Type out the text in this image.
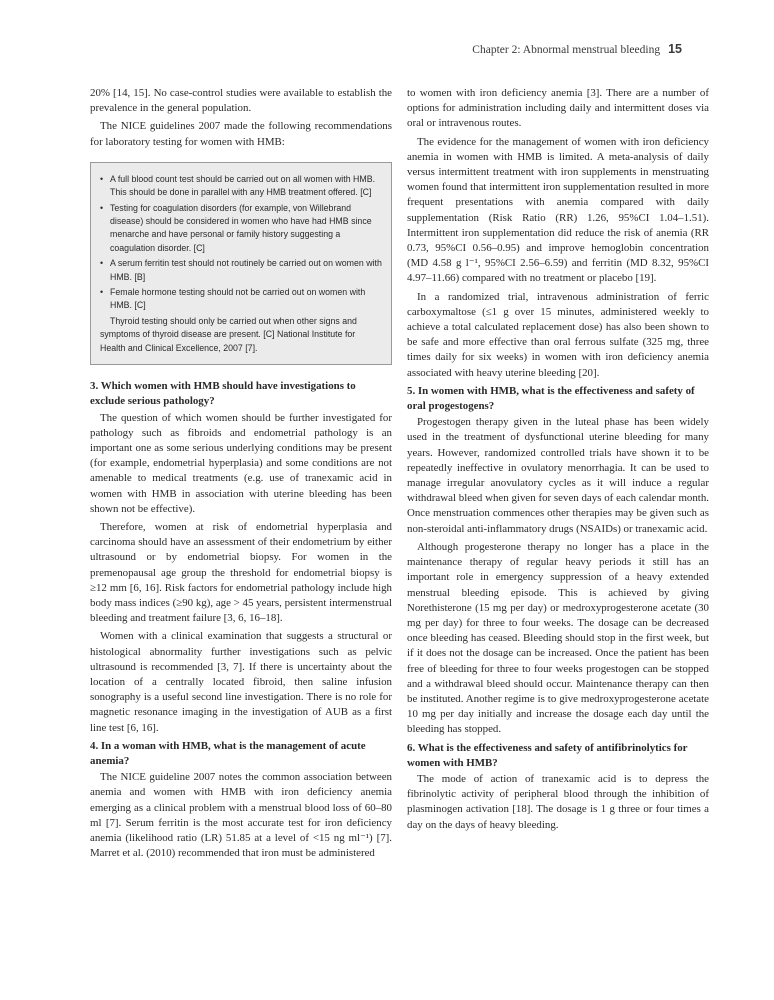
Chapter 2: Abnormal menstrual bleeding 15

20% [14, 15]. No case-control studies were available to establish the prevalence in the general population.

The NICE guidelines 2007 made the following recommendations for laboratory testing for women with HMB:

• A full blood count test should be carried out on all women with HMB. This should be done in parallel with any HMB treatment offered. [C]
• Testing for coagulation disorders (for example, von Willebrand disease) should be considered in women who have had HMB since menarche and have personal or family history suggesting a coagulation disorder. [C]
• A serum ferritin test should not routinely be carried out on women with HMB. [B]
• Female hormone testing should not be carried out on women with HMB. [C]

Thyroid testing should only be carried out when other signs and symptoms of thyroid disease are present. [C] National Institute for Health and Clinical Excellence, 2007 [7].

3. Which women with HMB should have investigations to exclude serious pathology?

The question of which women should be further investigated for pathology such as fibroids and endometrial pathology is an important one as some serious underlying conditions may be present (for example, endometrial hyperplasia) and some conditions are not amenable to medical treatments (e.g. use of tranexamic acid in women with HMB in association with uterine bleeding has been shown not be effective).

Therefore, women at risk of endometrial hyperplasia and carcinoma should have an assessment of their endometrium by either ultrasound or by endometrial biopsy. For women in the premenopausal age group the threshold for endometrial biopsy is ≥12 mm [6, 16]. Risk factors for endometrial pathology include high body mass indices (≥90 kg), age > 45 years, persistent intermenstrual bleeding and treatment failure [3, 6, 16–18].

Women with a clinical examination that suggests a structural or histological abnormality further investigations such as pelvic ultrasound is recommended [3, 7]. If there is uncertainty about the location of a centrally located fibroid, then saline infusion sonography is a useful second line investigation. There is no role for magnetic resonance imaging in the investigation of AUB as a first line test [6, 16].

4. In a woman with HMB, what is the management of acute anemia?

The NICE guideline 2007 notes the common association between anemia and women with HMB with iron deficiency anemia emerging as a clinical problem with a menstrual blood loss of 60–80 ml [7]. Serum ferritin is the most accurate test for iron deficiency anemia (likelihood ratio (LR) 51.85 at a level of <15 ng ml⁻¹) [7]. Marret et al. (2010) recommended that iron must be administered

to women with iron deficiency anemia [3]. There are a number of options for administration including daily and intermittent doses via oral or intravenous routes.

The evidence for the management of women with iron deficiency anemia in women with HMB is limited. A meta-analysis of daily versus intermittent treatment with iron supplements in menstruating women found that intermittent iron supplementation resulted in more frequent presentations with anemia compared with daily supplementation (Risk Ratio (RR) 1.26, 95%CI 1.04–1.51). Intermittent iron supplementation did reduce the risk of anemia (RR 0.73, 95%CI 0.56–0.95) and improve hemoglobin concentration (MD 4.58 g l⁻¹, 95%CI 2.56–6.59) and ferritin (MD 8.32, 95%CI 4.97–11.66) compared with no treatment or placebo [19].

In a randomized trial, intravenous administration of ferric carboxymaltose (≤1 g over 15 minutes, administered weekly to achieve a total calculated replacement dose) has also been shown to be safe and more effective than oral ferrous sulfate (325 mg, three times daily for six weeks) in women with iron deficiency anemia associated with heavy uterine bleeding [20].

5. In women with HMB, what is the effectiveness and safety of oral progestogens?

Progestogen therapy given in the luteal phase has been widely used in the treatment of dysfunctional uterine bleeding for many years. However, randomized controlled trials have shown it to be repeatedly ineffective in ovulatory menorrhagia. It can be used to manage irregular anovulatory cycles as it will induce a regular withdrawal bleed when given for seven days of each calendar month. Once menstruation commences other therapies may be given such as non-steroidal anti-inflammatory drugs (NSAIDs) or tranexamic acid.

Although progesterone therapy no longer has a place in the maintenance therapy of regular heavy periods it still has an important role in emergency suppression of a heavy extended menstrual bleeding episode. This is achieved by giving Norethisterone (15 mg per day) or medroxyprogesterone acetate (30 mg per day) for three to four weeks. The dosage can be decreased once bleeding has ceased. Bleeding should stop in the first week, but if it does not the dosage can be increased. Once the patient has been free of bleeding for three to four weeks progestogen can be stopped and a withdrawal bleed should occur. Maintenance therapy can then be instituted. Another regime is to give medroxyprogesterone acetate 10 mg per day initially and increase the dosage each day until the bleeding has stopped.

6. What is the effectiveness and safety of antifibrinolytics for women with HMB?

The mode of action of tranexamic acid is to depress the fibrinolytic activity of peripheral blood through the inhibition of plasminogen activation [18]. The dosage is 1 g three or four times a day on the days of heavy bleeding.
